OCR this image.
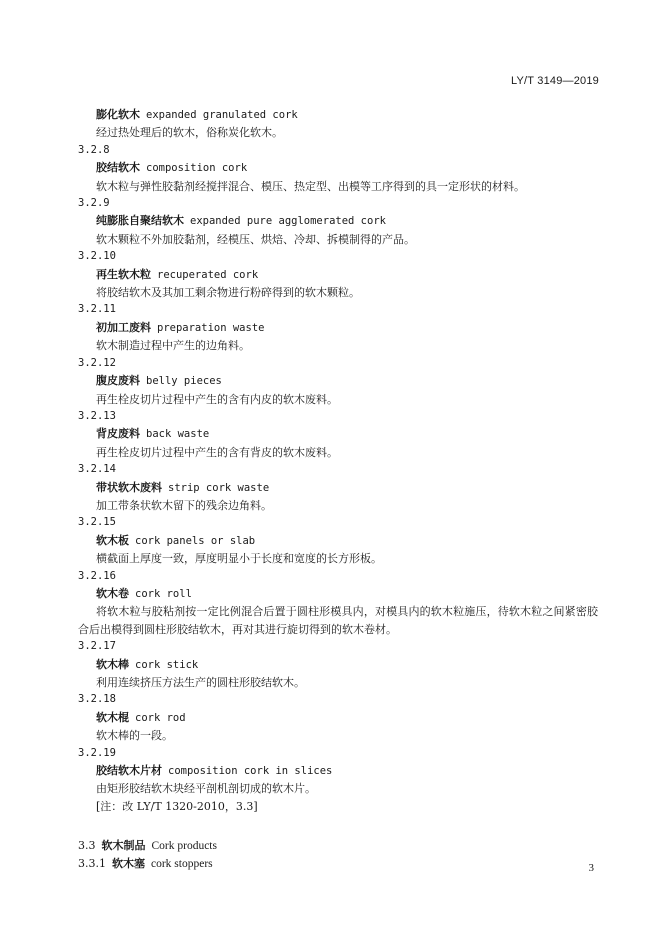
LY/T 3149—2019
膨化软木 expanded granulated cork
经过热处理后的软木，俗称炭化软木。
3.2.8
胶结软木 composition cork
软木粒与弹性胶黏剂经搅拌混合、模压、热定型、出模等工序得到的具一定形状的材料。
3.2.9
纯膨胀自聚结软木 expanded pure agglomerated cork
软木颗粒不外加胶黏剂，经模压、烘焙、冷却、拆模制得的产品。
3.2.10
再生软木粒 recuperated cork
将胶结软木及其加工剩余物进行粉碎得到的软木颗粒。
3.2.11
初加工废料 preparation waste
软木制造过程中产生的边角料。
3.2.12
腹皮废料 belly pieces
再生栓皮切片过程中产生的含有内皮的软木废料。
3.2.13
背皮废料 back waste
再生栓皮切片过程中产生的含有背皮的软木废料。
3.2.14
带状软木废料 strip cork waste
加工带条状软木留下的残余边角料。
3.2.15
软木板 cork panels or slab
横截面上厚度一致，厚度明显小于长度和宽度的长方形板。
3.2.16
软木卷 cork roll
将软木粒与胶粘剂按一定比例混合后置于圆柱形模具内，对模具内的软木粒施压，待软木粒之间紧密胶合后出模得到圆柱形胶结软木，再对其进行旋切得到的软木卷材。
3.2.17
软木棒 cork stick
利用连续挤压方法生产的圆柱形胶结软木。
3.2.18
软木棍 cork rod
软木棒的一段。
3.2.19
胶结软木片材 composition cork in slices
由矩形胶结软木块经平剖机剖切成的软木片。
[注：改 LY/T 1320-2010，3.3]
3.3 软木制品 Cork products
3.3.1 软木塞 cork stoppers	3
